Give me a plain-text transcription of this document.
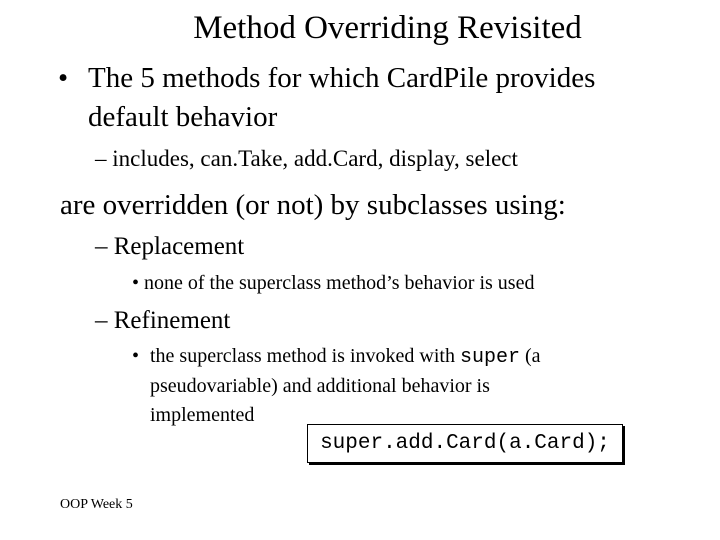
Method Overriding Revisited
• The 5 methods for which CardPile provides
default behavior
– includes, can.Take, add.Card, display, select
are overridden (or not) by subclasses using:
– Replacement
• none of the superclass method’s behavior is used
– Refinement
• the superclass method is invoked with super (a
pseudovariable) and additional behavior is
implemented
super.add.Card(a.Card);
OOP Week 5
